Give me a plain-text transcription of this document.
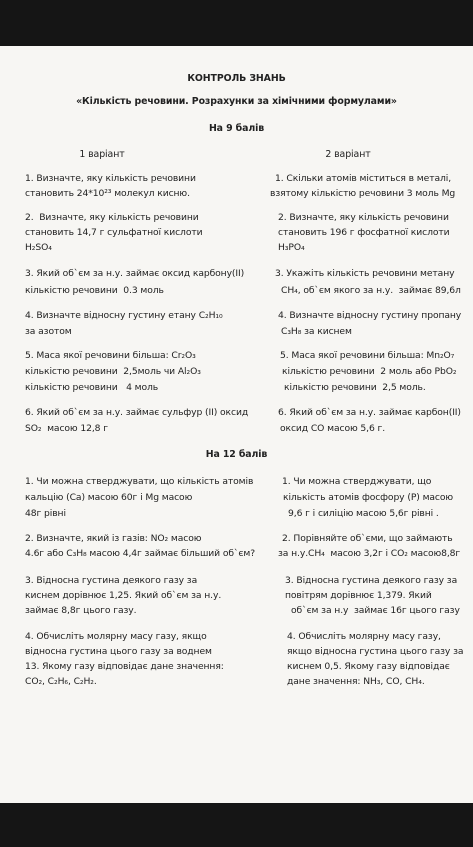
КОНТРОЛЬ ЗНАНЬ
«Кількість речовини. Розрахунки за хімічними формулами»
На 9 балів
1 варіант	2 варіант
1. Визначте, яку кількість речовини
становить 24*10²³ молекул кисню.
2.  Визначте, яку кількість речовини
становить 14,7 г сульфатної кислоти
H₂SO₄
3. Який об`єм за н.у. займає оксид карбону(II)
кількістю речовини  0.3 моль
4. Визначте відносну густину етану C₂H₁₀
за азотом
5. Маса якої речовини більша: Cr₂O₃
кількістю речовини  2,5моль чи Al₂O₃
кількістю речовини   4 моль
6. Який об`єм за н.у. займає сульфур (II) оксид
SO₂  масою 12,8 г
1. Скільки атомів міститься в металі,
взятому кількістю речовини 3 моль Mg
2. Визначте, яку кількість речовини
становить 196 г фосфатної кислоти
H₃PO₄
3. Укажіть кількість речовини метану
CH₄, об`єм якого за н.у.  займає 89,6л
4. Визначте відносну густину пропану
C₃H₈ за киснем
5. Маса якої речовини більша: Mn₂O₇
кількістю речовини  2 моль або PbO₂
кількістю речовини  2,5 моль.
6. Який об`єм за н.у. займає карбон(II)
оксид CO масою 5,6 г.
На 12 балів
1. Чи можна стверджувати, що кількість атомів
кальцію (Ca) масою 60г і Mg масою
48г рівні
2. Визначте, який із газів: NO₂ масою
4.6г або C₃H₈ масою 4,4г займає більший об`єм?
3. Відносна густина деякого газу за
киснем дорівнює 1,25. Який об`єм за н.у.
займає 8,8г цього газу.
4. Обчисліть молярну масу газу, якщо
відносна густина цього газу за воднем
13. Якому газу відповідає дане значення:
CO₂, C₂H₆, C₂H₂.
1. Чи можна стверджувати, що
кількість атомів фосфору (P) масою
9,6 г і силіцію масою 5,6г рівні .
2. Порівняйте об`єми, що займають
за н.у.CH₄  масою 3,2г і CO₂ масою8,8г
3. Відносна густина деякого газу за
повітрям дорівнює 1,379. Який
об`єм за н.у  займає 16г цього газу
4. Обчисліть молярну масу газу,
якщо відносна густина цього газу за
киснем 0,5. Якому газу відповідає
дане значення: NH₃, CO, CH₄.
